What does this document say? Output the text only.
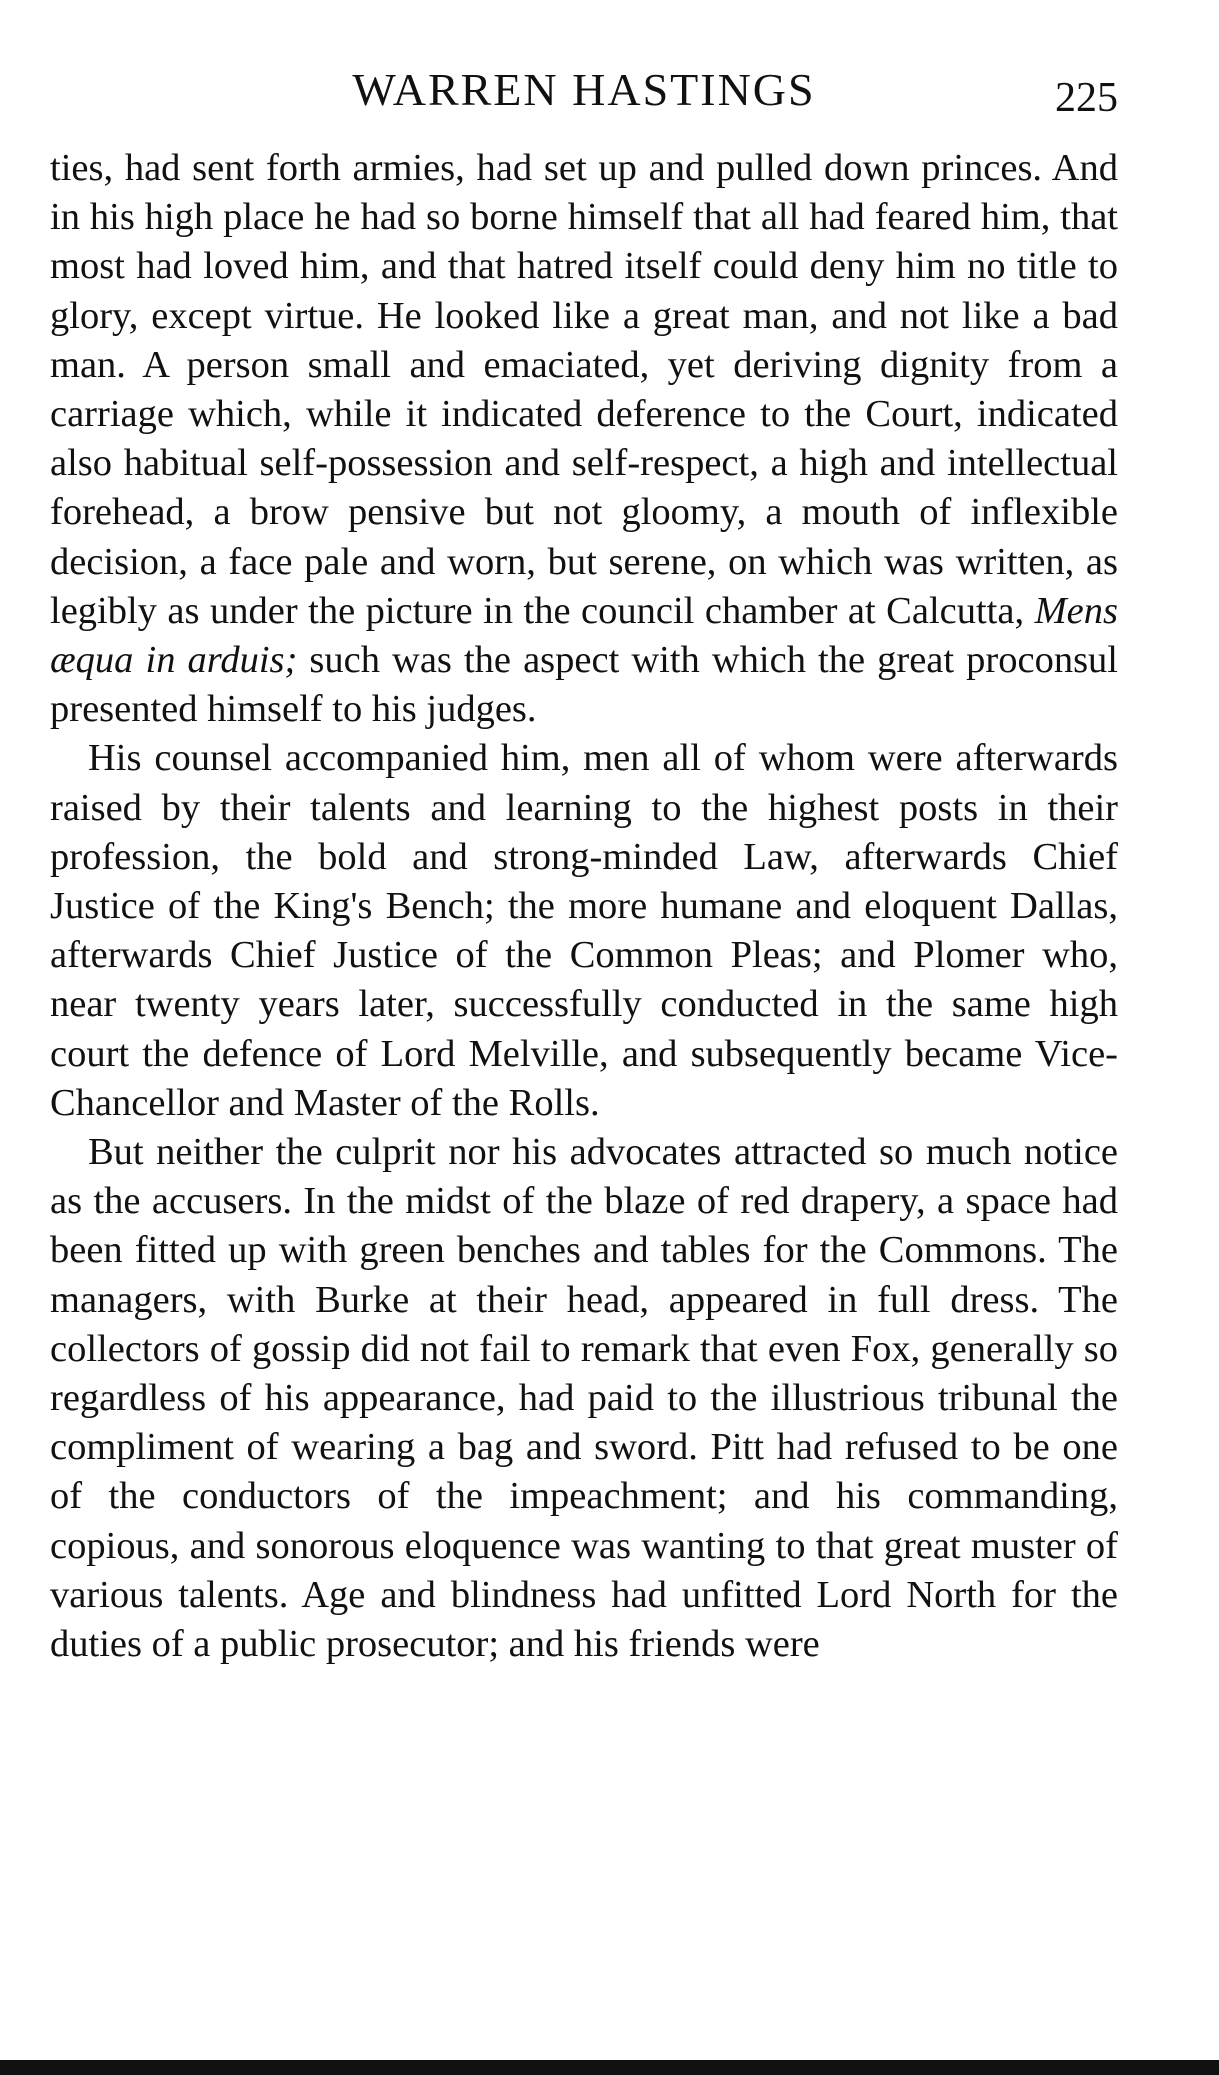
WARREN HASTINGS	225

ties, had sent forth armies, had set up and pulled down princes. And in his high place he had so borne himself that all had feared him, that most had loved him, and that hatred itself could deny him no title to glory, except virtue. He looked like a great man, and not like a bad man. A person small and emaciated, yet deriving dignity from a carriage which, while it indicated deference to the Court, indicated also habitual self-possession and self-respect, a high and intellectual forehead, a brow pensive but not gloomy, a mouth of inflexible decision, a face pale and worn, but serene, on which was written, as legibly as under the picture in the council chamber at Calcutta, Mens æqua in arduis; such was the aspect with which the great proconsul presented himself to his judges.

His counsel accompanied him, men all of whom were afterwards raised by their talents and learning to the highest posts in their profession, the bold and strong-minded Law, afterwards Chief Justice of the King's Bench; the more humane and eloquent Dallas, afterwards Chief Justice of the Common Pleas; and Plomer who, near twenty years later, successfully conducted in the same high court the defence of Lord Melville, and subsequently became Vice-Chancellor and Master of the Rolls.

But neither the culprit nor his advocates attracted so much notice as the accusers. In the midst of the blaze of red drapery, a space had been fitted up with green benches and tables for the Commons. The managers, with Burke at their head, appeared in full dress. The collectors of gossip did not fail to remark that even Fox, generally so regardless of his appearance, had paid to the illustrious tribunal the compliment of wearing a bag and sword. Pitt had refused to be one of the conductors of the impeachment; and his commanding, copious, and sonorous eloquence was wanting to that great muster of various talents. Age and blindness had unfitted Lord North for the duties of a public prosecutor; and his friends were
